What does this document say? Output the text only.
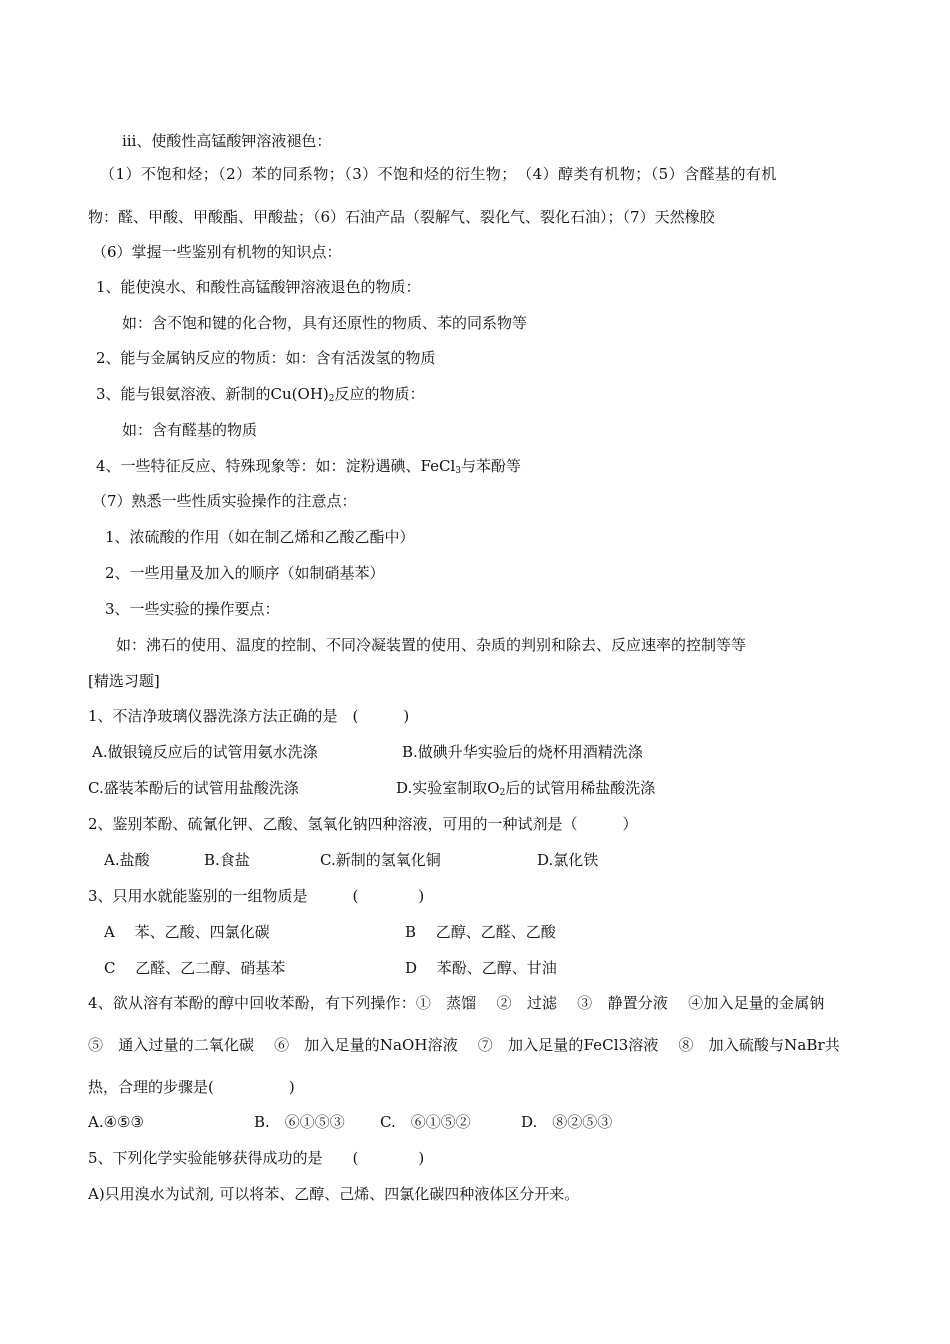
ⅲ、使酸性高锰酸钾溶液褪色：
（1）不饱和烃；（2）苯的同系物；（3）不饱和烃的衍生物；　（4）醇类有机物；（5）含醛基的有机
物：醛、甲酸、甲酸酯、甲酸盐；（6）石油产品（裂解气、裂化气、裂化石油）；（7）天然橡胶
（6）掌握一些鉴别有机物的知识点：
1、能使溴水、和酸性高锰酸钾溶液退色的物质：
如：含不饱和键的化合物，具有还原性的物质、苯的同系物等
2、能与金属钠反应的物质：如：含有活泼氢的物质
3、能与银氨溶液、新制的$Cu(OH)_2$反应的物质：
如：含有醛基的物质
4、一些特征反应、特殊现象等：如：淀粉遇碘、FeCl$_3$与苯酚等
（7）熟悉一些性质实验操作的注意点：
1、浓硫酸的作用（如在制乙烯和乙酸乙酯中）
2、一些用量及加入的顺序（如制硝基苯）
3、一些实验的操作要点：
如：沸石的使用、温度的控制、不同冷凝装置的使用、杂质的判别和除去、反应速率的控制等等
[精选习题]
1、不洁净玻璃仪器洗涤方法正确的是　(　　　)
A.做银镜反应后的试管用氨水洗涤	B.做碘升华实验后的烧杯用酒精洗涤
C.盛装苯酚后的试管用盐酸洗涤	D.实验室制取$O_2$后的试管用稀盐酸洗涤
2、鉴别苯酚、硫氰化钾、乙酸、氢氧化钠四种溶液，可用的一种试剂是（　　　）
A.盐酸	B.食盐	C.新制的氢氧化铜	D.氯化铁
3、只用水就能鉴别的一组物质是　　　(　　　　)
A　 苯、乙酸、四氯化碳	B　 乙醇、乙醛、乙酸
C　 乙醛、乙二醇、硝基苯	D　 苯酚、乙醇、甘油
4、欲从溶有苯酚的醇中回收苯酚，有下列操作：①　蒸馏　 ②　过滤　 ③　静置分液　 ④加入足量的金属钠
⑤　通入过量的二氧化碳　 ⑥　加入足量的NaOH溶液　 ⑦　加入足量的FeCl3溶液　 ⑧　加入硫酸与NaBr共
热，合理的步骤是(　　　　　)
A.④⑤③	B.　⑥①⑤③ C.　⑥①⑤②	D.　⑧②⑤③
5、下列化学实验能够获得成功的是　　(　　　　)
A)只用溴水为试剂, 可以将苯、乙醇、己烯、四氯化碳四种液体区分开来。
